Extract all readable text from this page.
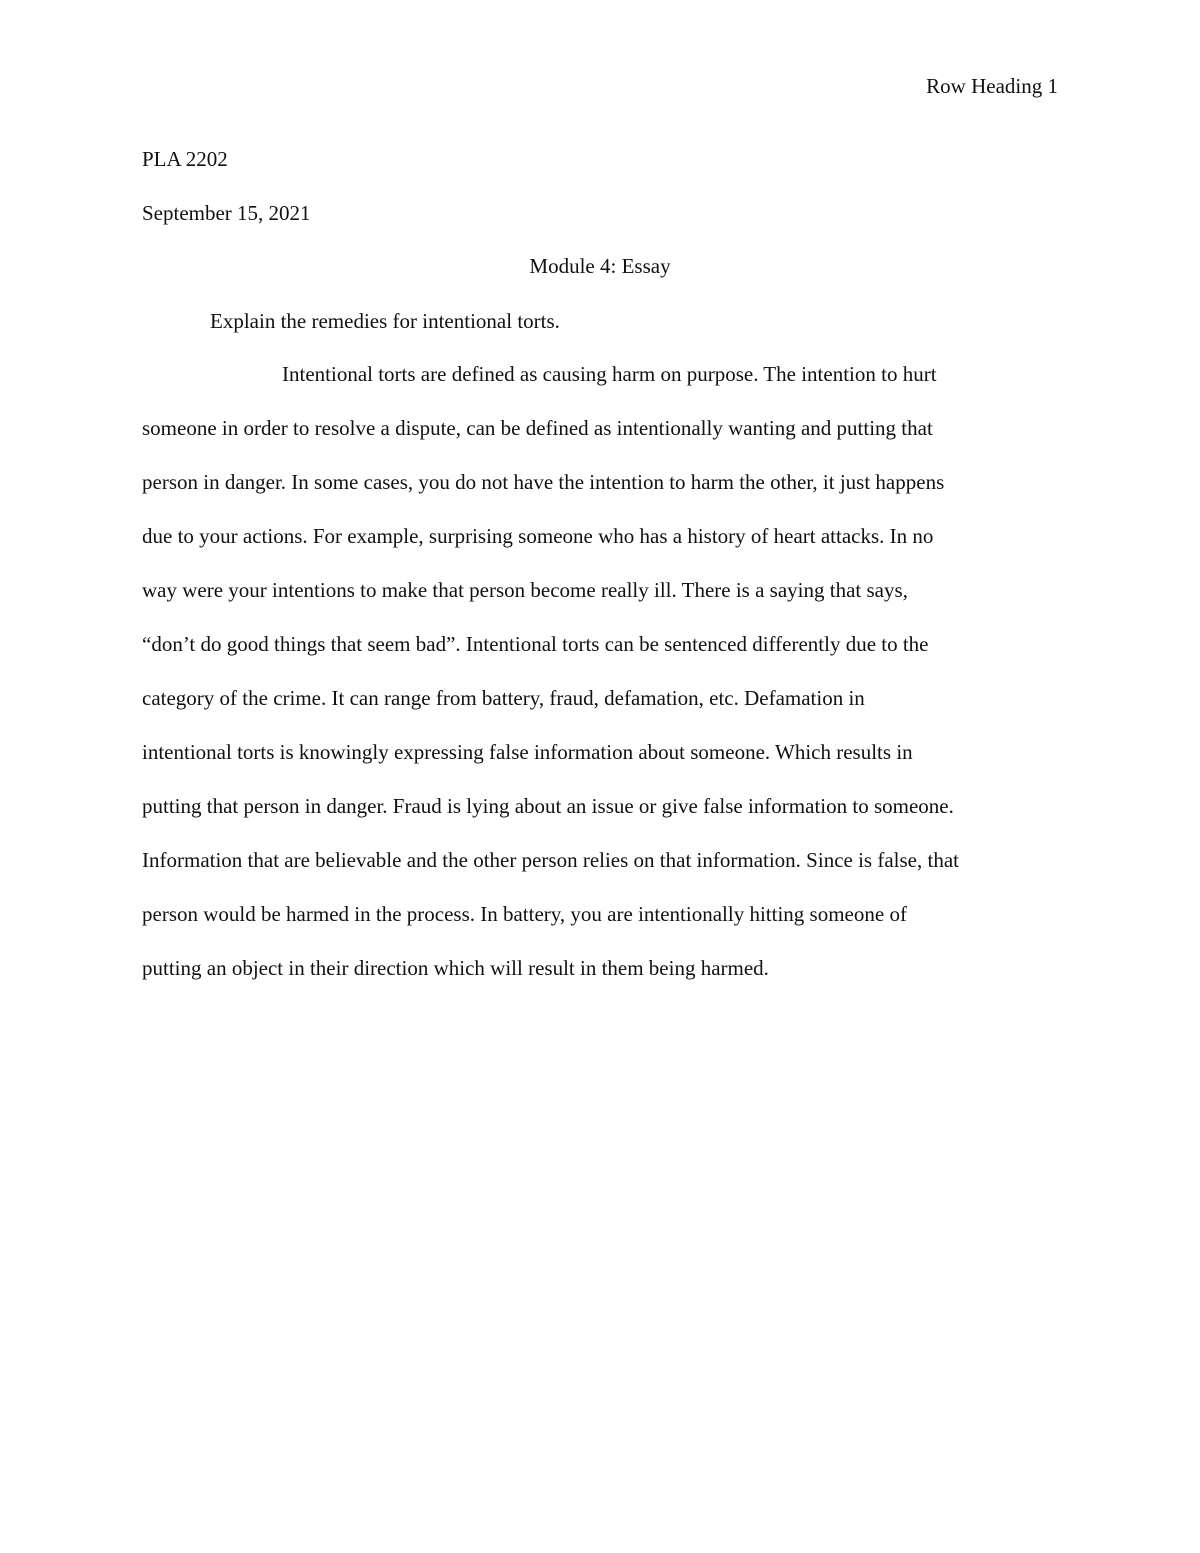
Row Heading 1
PLA 2202
September 15, 2021
Module 4: Essay
Explain the remedies for intentional torts.
Intentional torts are defined as causing harm on purpose. The intention to hurt
someone in order to resolve a dispute, can be defined as intentionally wanting and putting that
person in danger. In some cases, you do not have the intention to harm the other, it just happens
due to your actions. For example, surprising someone who has a history of heart attacks. In no
way were your intentions to make that person become really ill. There is a saying that says,
“don’t do good things that seem bad”. Intentional torts can be sentenced differently due to the
category of the crime. It can range from battery, fraud, defamation, etc. Defamation in
intentional torts is knowingly expressing false information about someone. Which results in
putting that person in danger. Fraud is lying about an issue or give false information to someone.
Information that are believable and the other person relies on that information. Since is false, that
person would be harmed in the process. In battery, you are intentionally hitting someone of
putting an object in their direction which will result in them being harmed.
